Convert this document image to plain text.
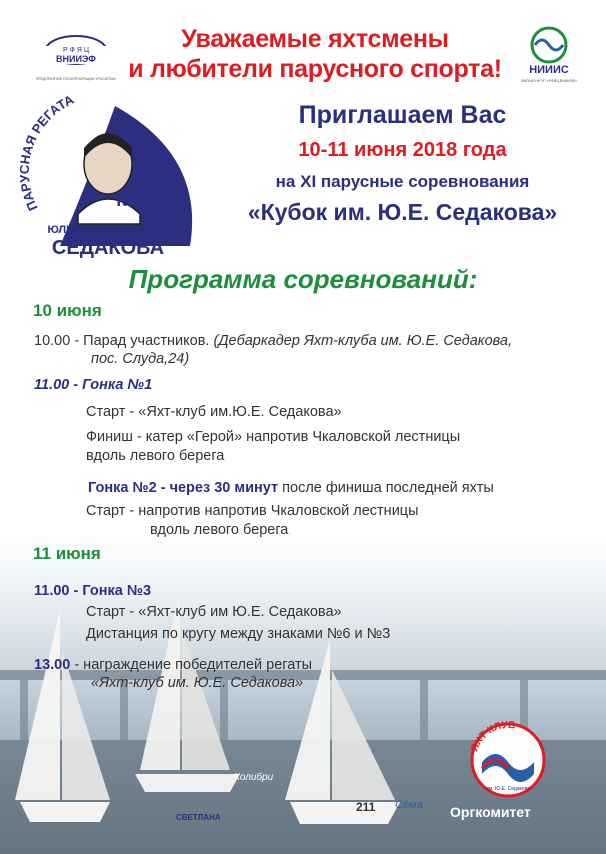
Р Ф Я Ц
ВНИИЭФ
ПРЕДПРИЯТИЕ ГОСКОРПОРАЦИИ «РОСАТОМ»
Уважаемые яхтсмены
и любители парусного спорта!	НИИИС
ФИЛИАЛ ФГУП «РФЯЦ-ВНИИЭФ»
ПА АЯ РЕГАТА
КУБОК
ЮЛИЯ ЕВГЕНЬЕВИЧА
СЕДАКОВА
Приглашаем Вас
10-11 июня 2018 года
на XI парусные соревнования
«Кубок им. Ю.Е. Седакова»
Программа соревнований:
10 июня
10.00 - Парад участников. (Дебаркадер Яхт-клуба им. Ю.Е. Седакова,
пос. Слуда,24)
11.00 - Гонка №1
Старт - «Яхт-клуб им.Ю.Е. Седакова»
Финиш - катер «Герой» напротив Чкаловской лестницы
вдоль левого берега
Гонка №2 - через 30 минут после финиша последней яхты
Старт - напротив напротив Чкаловской лестницы
вдоль левого берега
11 июня
11.00 - Гонка №3
Старт - «Яхт-клуб им Ю.Е. Седакова»
Дистанция по кругу между знаками №6 и №3
13.00 - награждение победителей регаты
«Яхт-клуб им. Ю.Е. Седакова»
Колибри
СВЕТЛАНА
Сёма
211
ЯХТ КЛУБ
им. Ю.Е. Седакова
Оргкомитет
